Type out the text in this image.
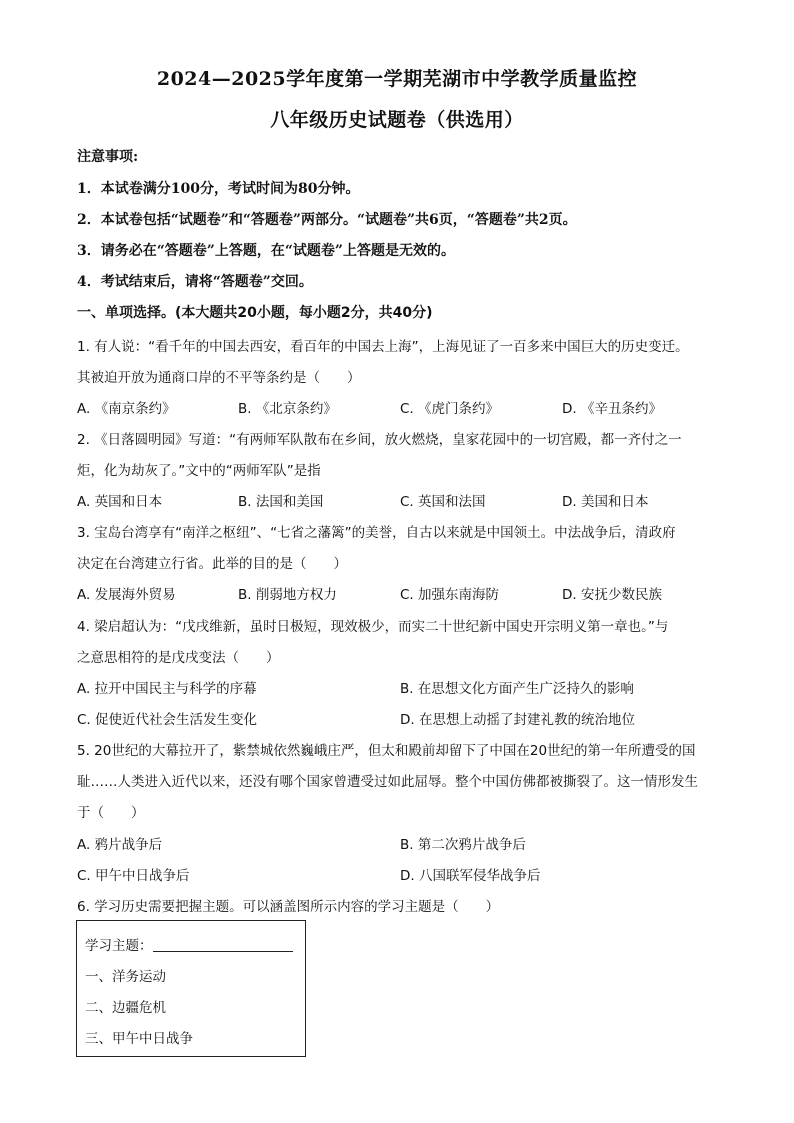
2024—2025学年度第一学期芜湖市中学教学质量监控
八年级历史试题卷（供选用）
注意事项:
1．本试卷满分100分，考试时间为80分钟。
2．本试卷包括“试题卷”和“答题卷”两部分。“试题卷”共6页，“答题卷”共2页。
3．请务必在“答题卷”上答题，在“试题卷”上答题是无效的。
4．考试结束后，请将“答题卷”交回。
一、单项选择。(本大题共20小题，每小题2分，共40分)
1. 有人说：“看千年的中国去西安，看百年的中国去上海”，上海见证了一百多来中国巨大的历史变迁。
其被迫开放为通商口岸的不平等条约是（　　）
A. 《南京条约》	B. 《北京条约》	C. 《虎门条约》	D. 《辛丑条约》
2. 《日落圆明园》写道：“有两师军队散布在乡间，放火燃烧，皇家花园中的一切宫殿，都一齐付之一
炬，化为劫灰了。”文中的“两师军队”是指
A. 英国和日本	B. 法国和美国	C. 英国和法国	D. 美国和日本
3. 宝岛台湾享有“南洋之枢纽”、“七省之藩篱”的美誉，自古以来就是中国领土。中法战争后，清政府
决定在台湾建立行省。此举的目的是（　　）
A. 发展海外贸易	B. 削弱地方权力	C. 加强东南海防	D. 安抚少数民族
4. 梁启超认为：“戊戌维新，虽时日极短，现效极少，而实二十世纪新中国史开宗明义第一章也。”与
之意思相符的是戊戌变法（　　）
A. 拉开中国民主与科学的序幕	B. 在思想文化方面产生广泛持久的影响
C. 促使近代社会生活发生变化	D. 在思想上动摇了封建礼教的统治地位
5. 20世纪的大幕拉开了，紫禁城依然巍峨庄严，但太和殿前却留下了中国在20世纪的第一年所遭受的国
耻……人类进入近代以来，还没有哪个国家曾遭受过如此屈辱。整个中国仿佛都被撕裂了。这一情形发生
于（　　）
A. 鸦片战争后	B. 第二次鸦片战争后
C. 甲午中日战争后	D. 八国联军侵华战争后
6. 学习历史需要把握主题。可以涵盖图所示内容的学习主题是（　　）
学习主题：
一、洋务运动
二、边疆危机
三、甲午中日战争
